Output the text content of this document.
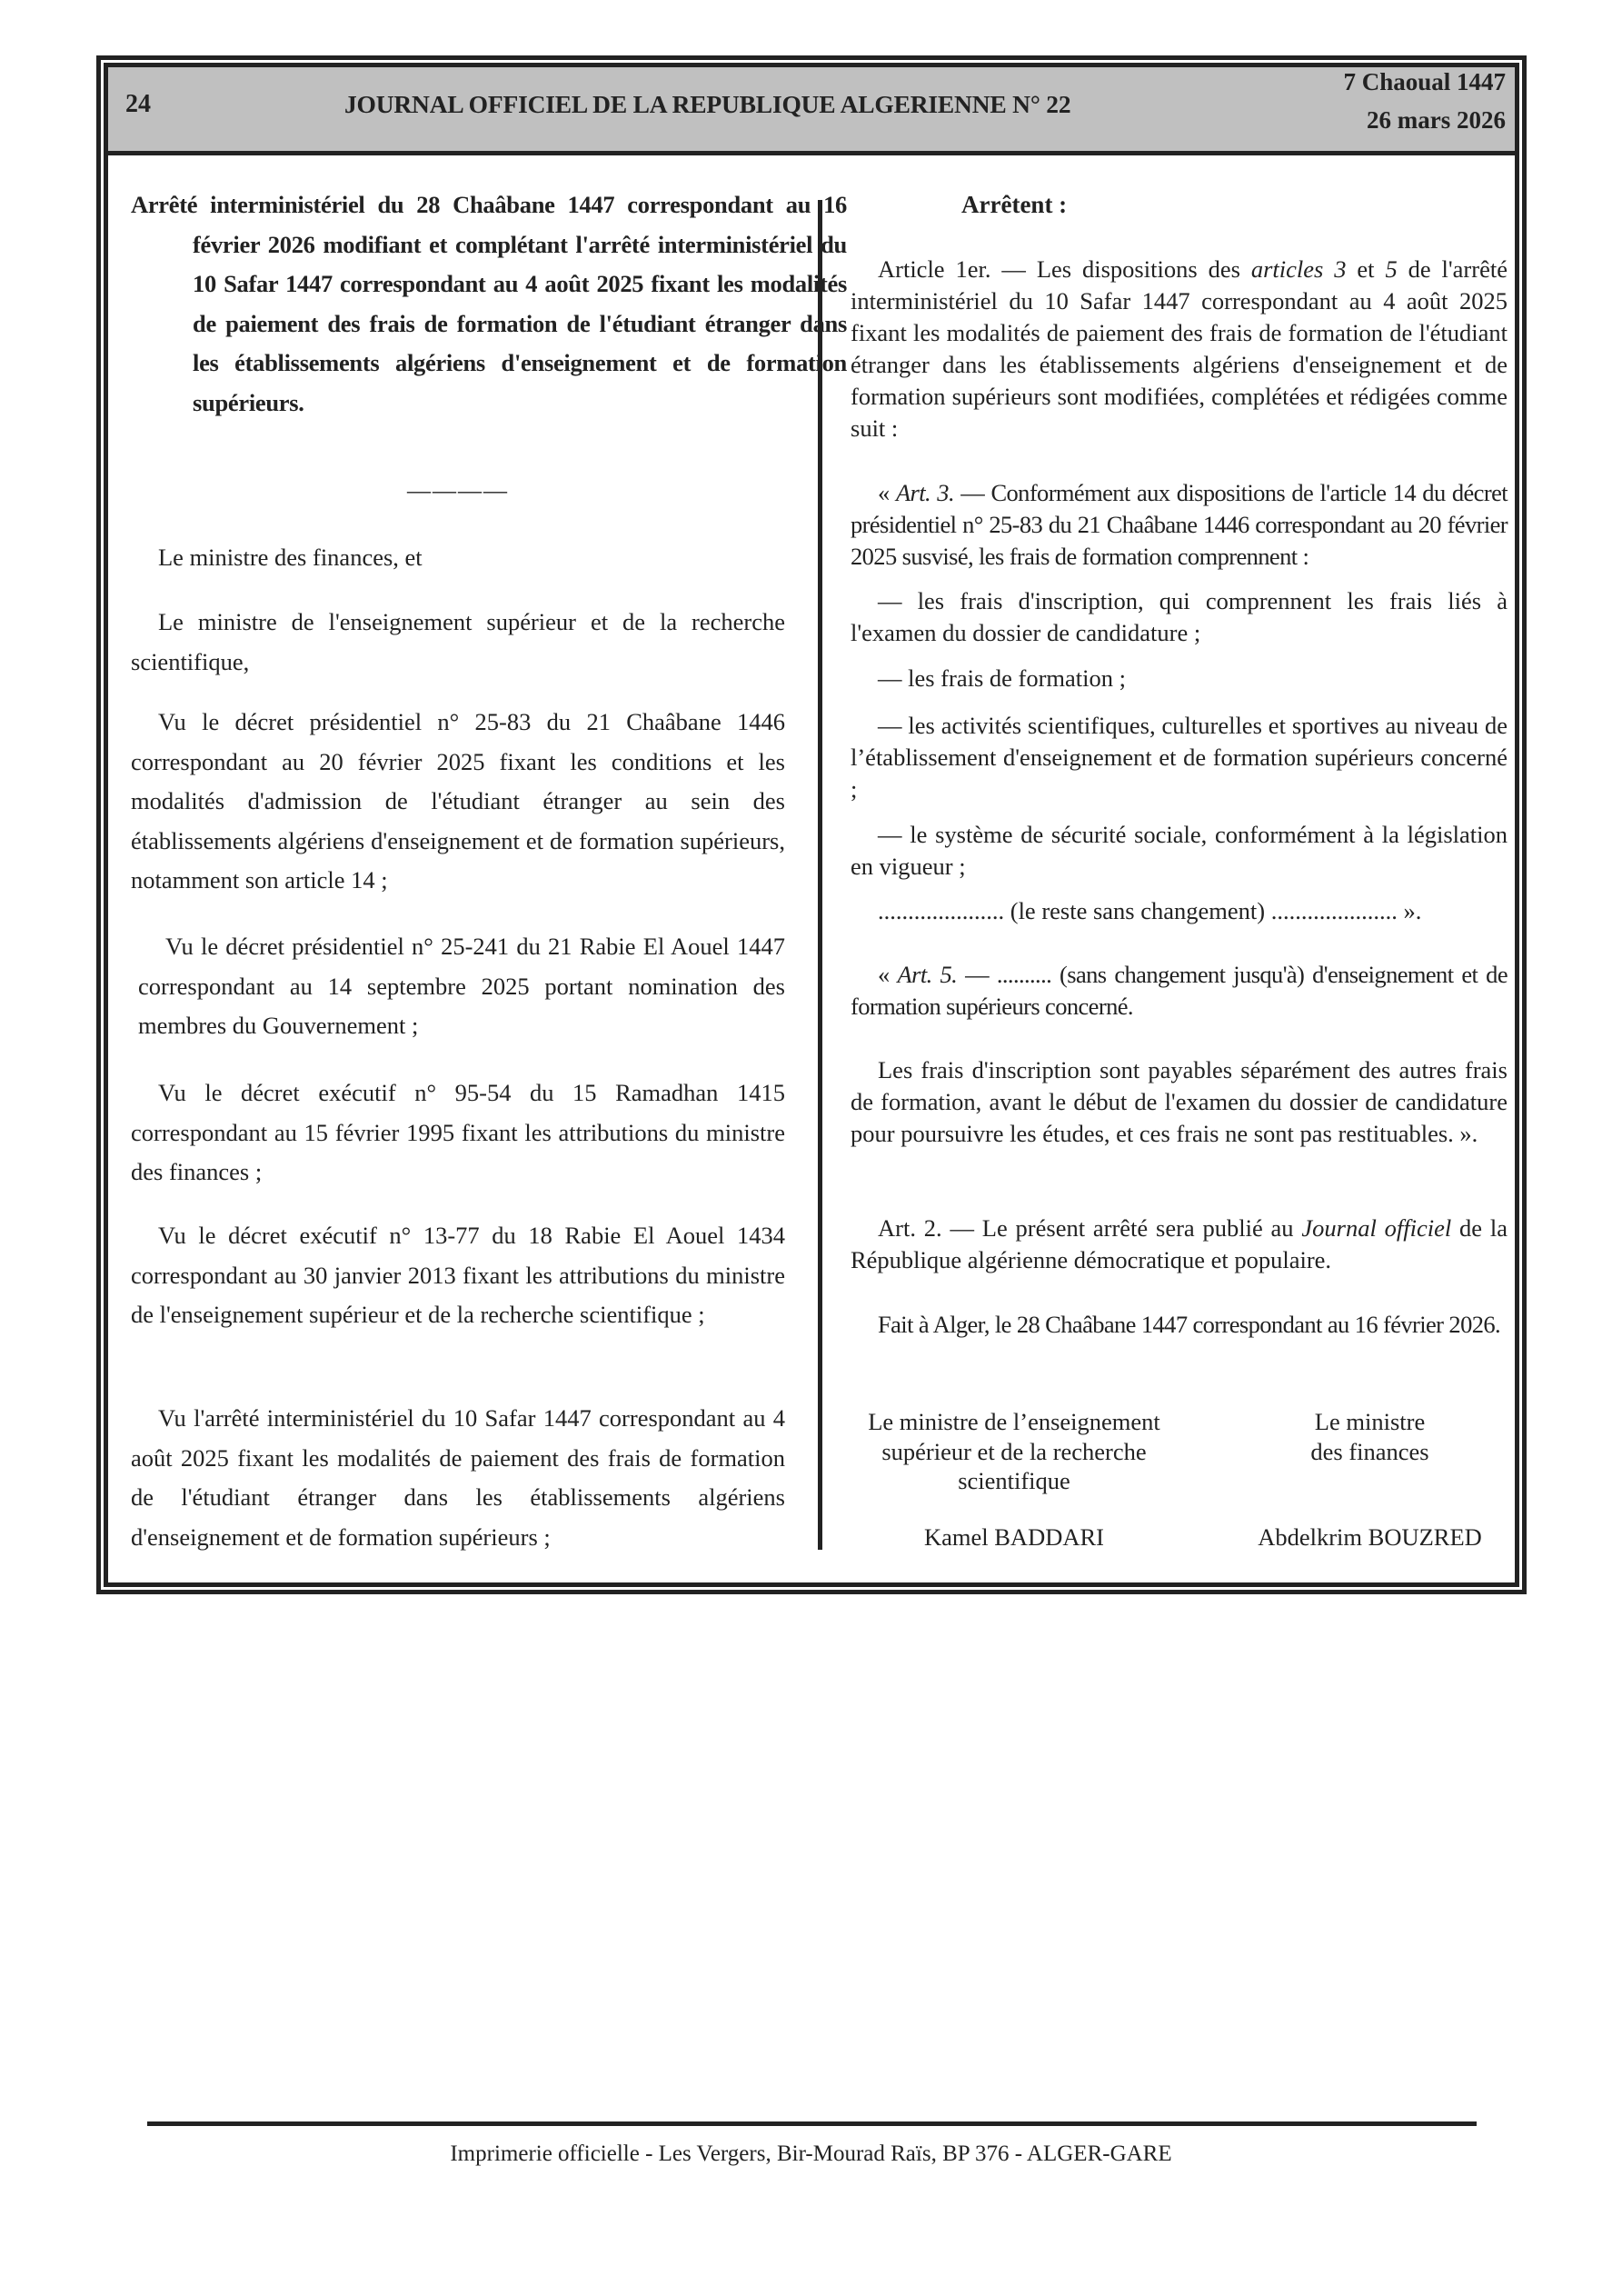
24	JOURNAL OFFICIEL DE LA REPUBLIQUE ALGERIENNE N° 22
7 Chaoual 1447
26 mars 2026
Arrêté interministériel du 28 Chaâbane 1447 correspondant au 16 février 2026 modifiant et complétant l'arrêté interministériel du 10 Safar 1447 correspondant au 4 août 2025 fixant les modalités de paiement des frais de formation de l'étudiant étranger dans les établissements algériens d'enseignement et de formation supérieurs.
————
Le ministre des finances, et
Le ministre de l'enseignement supérieur et de la recherche scientifique,
Vu le décret présidentiel n° 25-83 du 21 Chaâbane 1446 correspondant au 20 février 2025 fixant les conditions et les modalités d'admission de l'étudiant étranger au sein des établissements algériens d'enseignement et de formation supérieurs, notamment son article 14 ;
Vu le décret présidentiel n° 25-241 du 21 Rabie El Aouel 1447 correspondant au 14 septembre 2025 portant nomination des membres du Gouvernement ;
Vu le décret exécutif n° 95-54 du 15 Ramadhan 1415 correspondant au 15 février 1995 fixant les attributions du ministre des finances ;
Vu le décret exécutif n° 13-77 du 18 Rabie El Aouel 1434 correspondant au 30 janvier 2013 fixant les attributions du ministre de l'enseignement supérieur et de la recherche scientifique ;
Vu l'arrêté interministériel du 10 Safar 1447 correspondant au 4 août 2025 fixant les modalités de paiement des frais de formation de l'étudiant étranger dans les établissements algériens d'enseignement et de formation supérieurs ;
Arrêtent :
Article 1er. — Les dispositions des articles 3 et 5 de l'arrêté interministériel du 10 Safar 1447 correspondant au 4 août 2025 fixant les modalités de paiement des frais de formation de l'étudiant étranger dans les établissements algériens d'enseignement et de formation supérieurs sont modifiées, complétées et rédigées comme suit :
« Art. 3. — Conformément aux dispositions de l'article 14 du décret présidentiel n° 25-83 du 21 Chaâbane 1446 correspondant au 20 février 2025 susvisé, les frais de formation comprennent :
— les frais d'inscription, qui comprennent les frais liés à l'examen du dossier de candidature ;
— les frais de formation ;
— les activités scientifiques, culturelles et sportives au niveau de l’établissement d'enseignement et de formation supérieurs concerné ;
— le système de sécurité sociale, conformément à la législation en vigueur ;
..................... (le reste sans changement) ..................... ».
« Art. 5. — .......... (sans changement jusqu'à) d'enseignement et de formation supérieurs concerné.
Les frais d'inscription sont payables séparément des autres frais de formation, avant le début de l'examen du dossier de candidature pour poursuivre les études, et ces frais ne sont pas restituables. ».
Art. 2. — Le présent arrêté sera publié au Journal officiel de la République algérienne démocratique et populaire.
Fait à Alger, le 28 Chaâbane 1447 correspondant au 16 février 2026.
Le ministre de l’enseignement
supérieur et de la recherche
scientifique
Kamel BADDARI
Le ministre
des finances
Abdelkrim BOUZRED
Imprimerie officielle - Les Vergers, Bir-Mourad Raïs, BP 376 - ALGER-GARE
